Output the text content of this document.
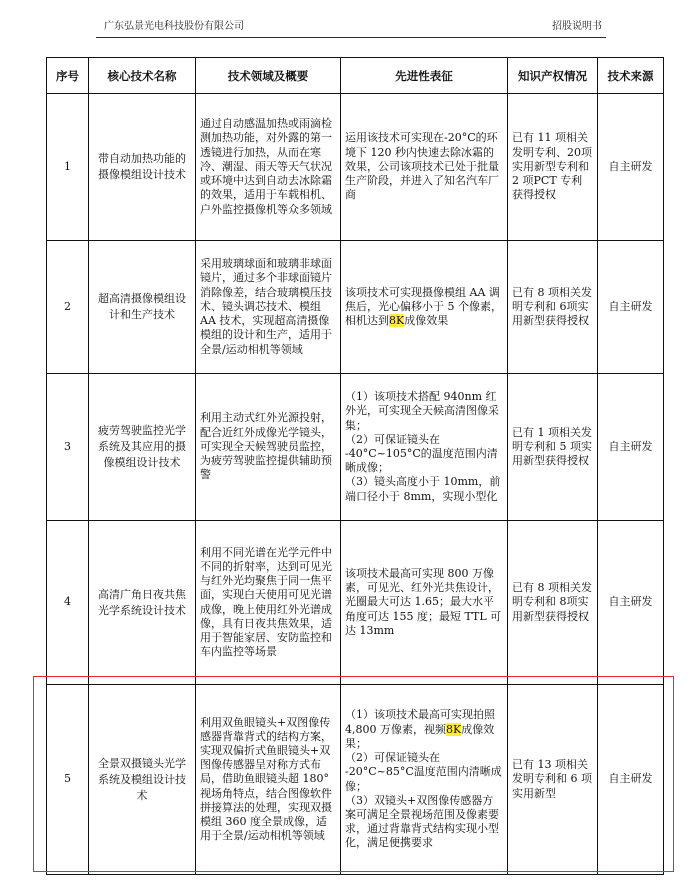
广东弘景光电科技股份有限公司	招股说明书
序号	核心技术名称	技术领域及概要	先进性表征	知识产权情况	技术来源
1	带自动加热功能的摄像模组设计技术	通过自动感温加热或雨滴检测加热功能，对外露的第一透镜进行加热，从而在寒冷、潮湿、雨天等天气状况或环境中达到自动去冰除霜的效果，适用于车载相机、户外监控摄像机等众多领域	运用该技术可实现在-20°C的环境下 120 秒内快速去除冰霜的效果，公司该项技术已处于批量生产阶段，并进入了知名汽车厂商	已有 11 项相关发明专利、20项实用新型专利和 2 项PCT 专利获得授权	自主研发
2	超高清摄像模组设计和生产技术	采用玻璃球面和玻璃非球面镜片，通过多个非球面镜片消除像差，结合玻璃模压技术、镜头调芯技术、模组 AA 技术，实现超高清摄像模组的设计和生产，适用于全景/运动相机等领域	该项技术可实现摄像模组 AA 调焦后，光心偏移小于 5 个像素，相机达到8K成像效果	已有 8 项相关发明专利和 6项实用新型获得授权	自主研发
3	疲劳驾驶监控光学系统及其应用的摄像模组设计技术	利用主动式红外光源投射，配合近红外成像光学镜头，可实现全天候驾驶员监控，为疲劳驾驶监控提供辅助预警	（1）该项技术搭配 940nm 红外光，可实现全天候高清图像采集；
（2）可保证镜头在 -40°C~105°C的温度范围内清晰成像；
（3）镜头高度小于 10mm，前端口径小于 8mm，实现小型化	已有 1 项相关发明专利和 5 项实用新型获得授权	自主研发
4	高清广角日夜共焦光学系统设计技术	利用不同光谱在光学元件中不同的折射率，达到可见光与红外光均聚焦于同一焦平面，实现白天使用可见光谱成像，晚上使用红外光谱成像，具有日夜共焦效果，适用于智能家居、安防监控和车内监控等场景	该项技术最高可实现 800 万像素，可见光、红外光共焦设计，光圈最大可达 1.65；最大水平角度可达 155 度；最短 TTL 可达 13mm	已有 8 项相关发明专利和 8项实用新型获得授权	自主研发
5	全景双摄镜头光学系统及模组设计技术	利用双鱼眼镜头+双图像传感器背靠背式的结构方案，实现双偏折式鱼眼镜头+双图像传感器呈对称方式布局，借助鱼眼镜头超 180°视场角特点，结合图像软件拼接算法的处理，实现双摄模组 360 度全景成像，适用于全景/运动相机等领域	（1）该项技术最高可实现拍照 4,800 万像素，视频8K成像效果；
（2）可保证镜头在 -20°C~85°C温度范围内清晰成像；
（3）双镜头+双图像传感器方案可满足全景视场范围及像素要求，通过背靠背式结构实现小型化，满足便携要求	已有 13 项相关发明专利和 6 项实用新型	自主研发
